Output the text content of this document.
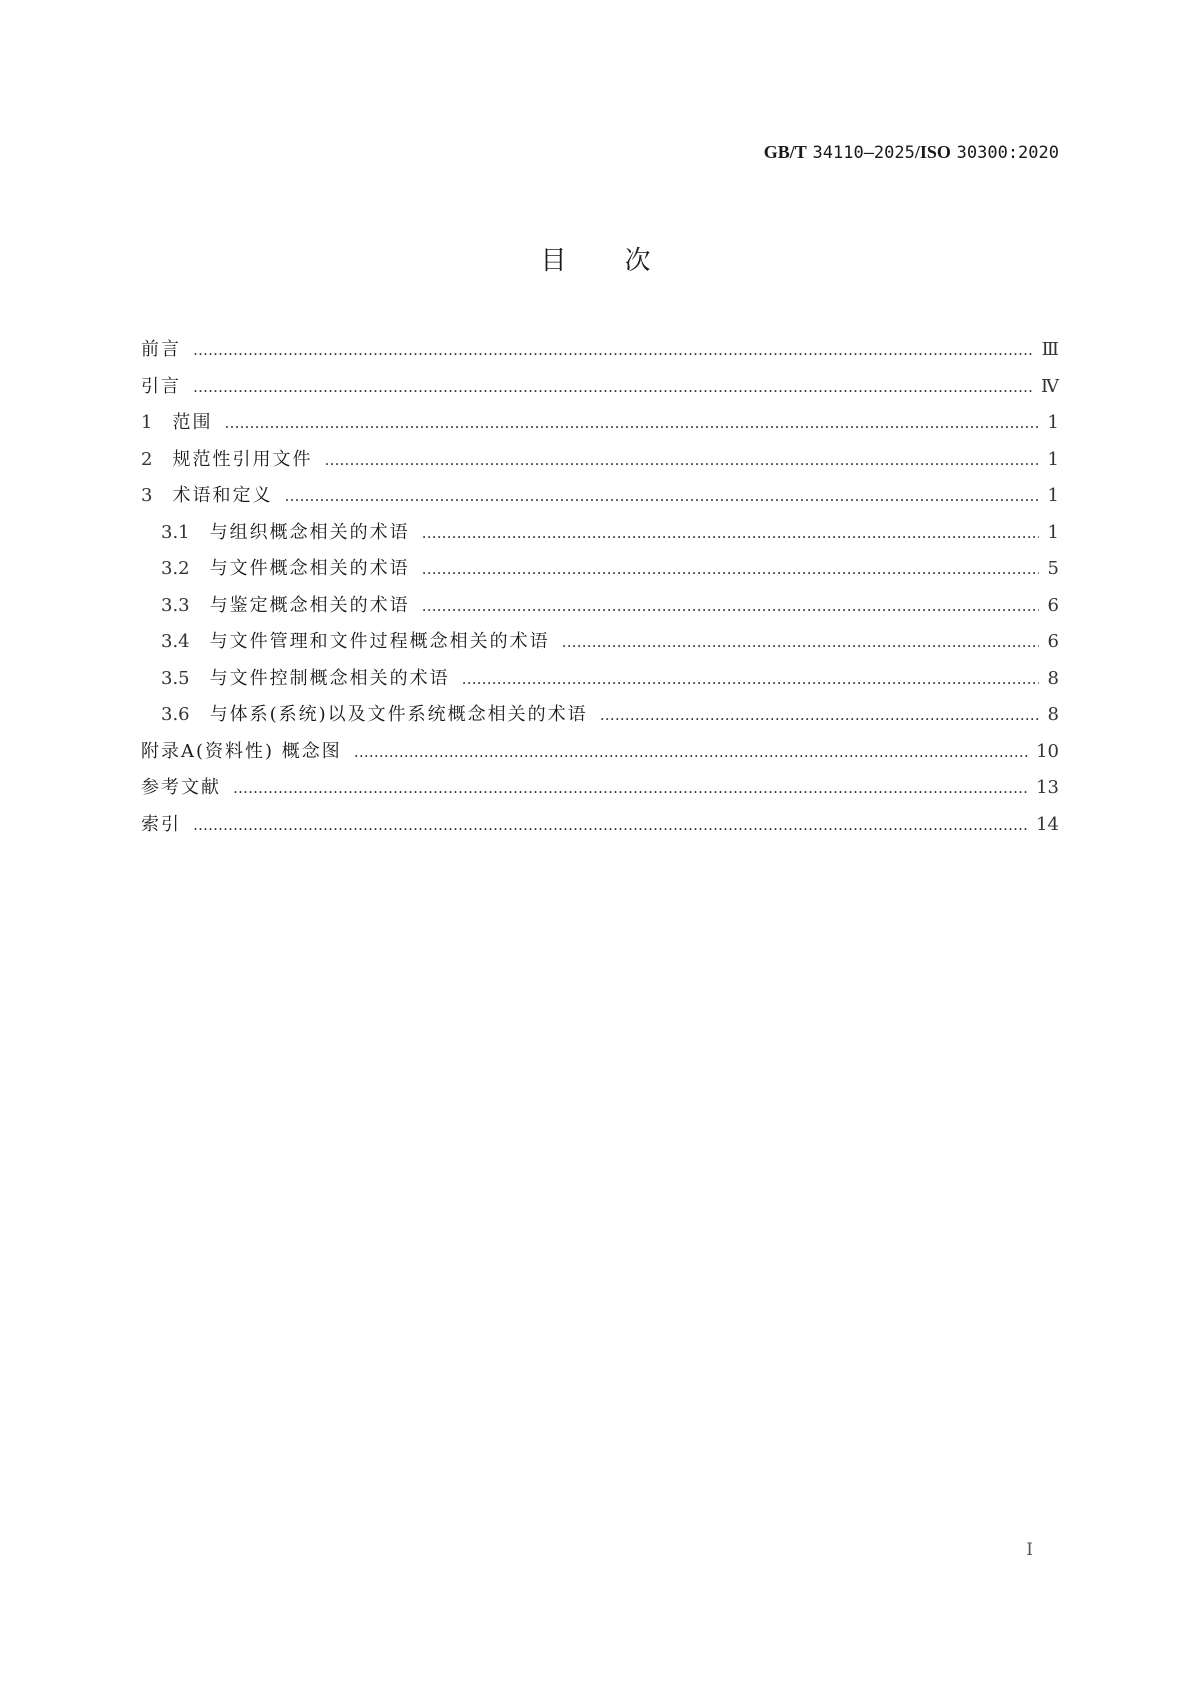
GB/T 34110—2025/ISO 30300:2020
目次
前言 ………………………………………………………………………………………………………………………………………………………………………………………………………………………………	Ⅲ
引言 ………………………………………………………………………………………………………………………………………………………………………………………………………………………………	Ⅳ
1 范围 ………………………………………………………………………………………………………………………………………………………………………………………………………………………………	1
2 规范性引用文件 ………………………………………………………………………………………………………………………………………………………………………………………………………………………………	1
3 术语和定义 ………………………………………………………………………………………………………………………………………………………………………………………………………………………………	1
3.1 与组织概念相关的术语 ………………………………………………………………………………………………………………………………………………………………………………………………………………………………	1
3.2 与文件概念相关的术语 ………………………………………………………………………………………………………………………………………………………………………………………………………………………………	5
3.3 与鉴定概念相关的术语 ………………………………………………………………………………………………………………………………………………………………………………………………………………………………	6
3.4 与文件管理和文件过程概念相关的术语 ………………………………………………………………………………………………………………………………………………………………………………………………………………………………	6
3.5 与文件控制概念相关的术语 ………………………………………………………………………………………………………………………………………………………………………………………………………………………………	8
3.6 与体系(系统)以及文件系统概念相关的术语 ………………………………………………………………………………………………………………………………………………………………………………………………………………………………	8
附录A(资料性) 概念图 ………………………………………………………………………………………………………………………………………………………………………………………………………………………………	10
参考文献 ………………………………………………………………………………………………………………………………………………………………………………………………………………………………	13
索引 ………………………………………………………………………………………………………………………………………………………………………………………………………………………………	14
Ⅰ
